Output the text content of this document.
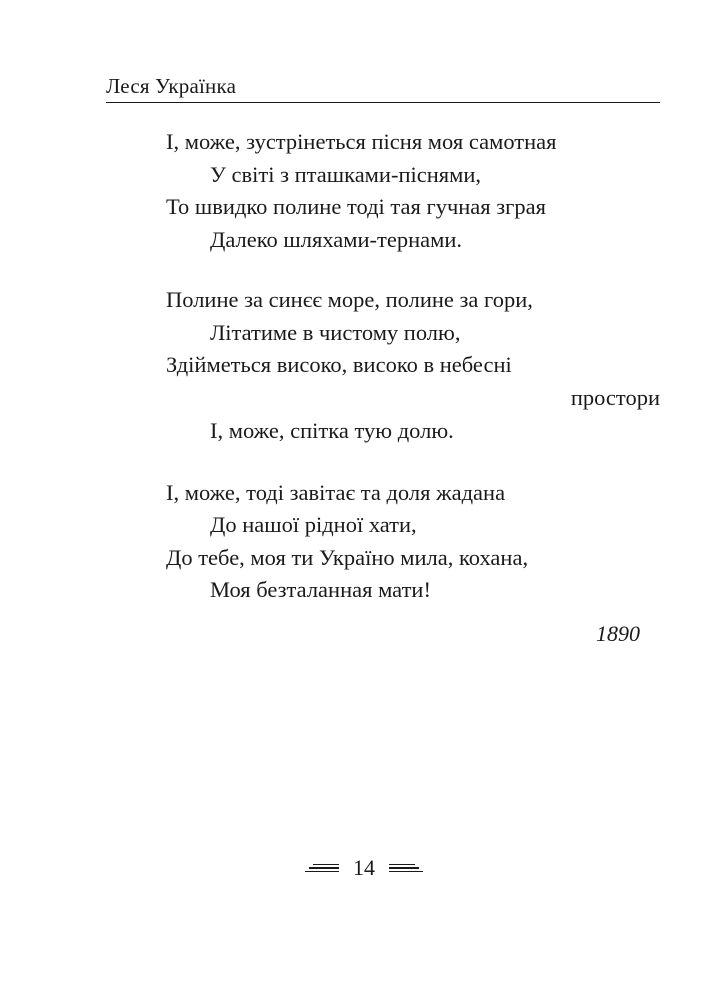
Леся Українка
І, може, зустрінеться пісня моя самотная
У світі з пташками-піснями,
То швидко полине тоді тая гучная зграя
Далеко шляхами-тернами.
Полине за синєє море, полине за гори,
Літатиме в чистому полю,
Здійметься високо, високо в небесні
простори
І, може, спітка тую долю.
І, може, тоді завітає та доля жадана
До нашої рідної хати,
До тебе, моя ти Україно мила, кохана,
Моя безталанная мати!
1890
14
